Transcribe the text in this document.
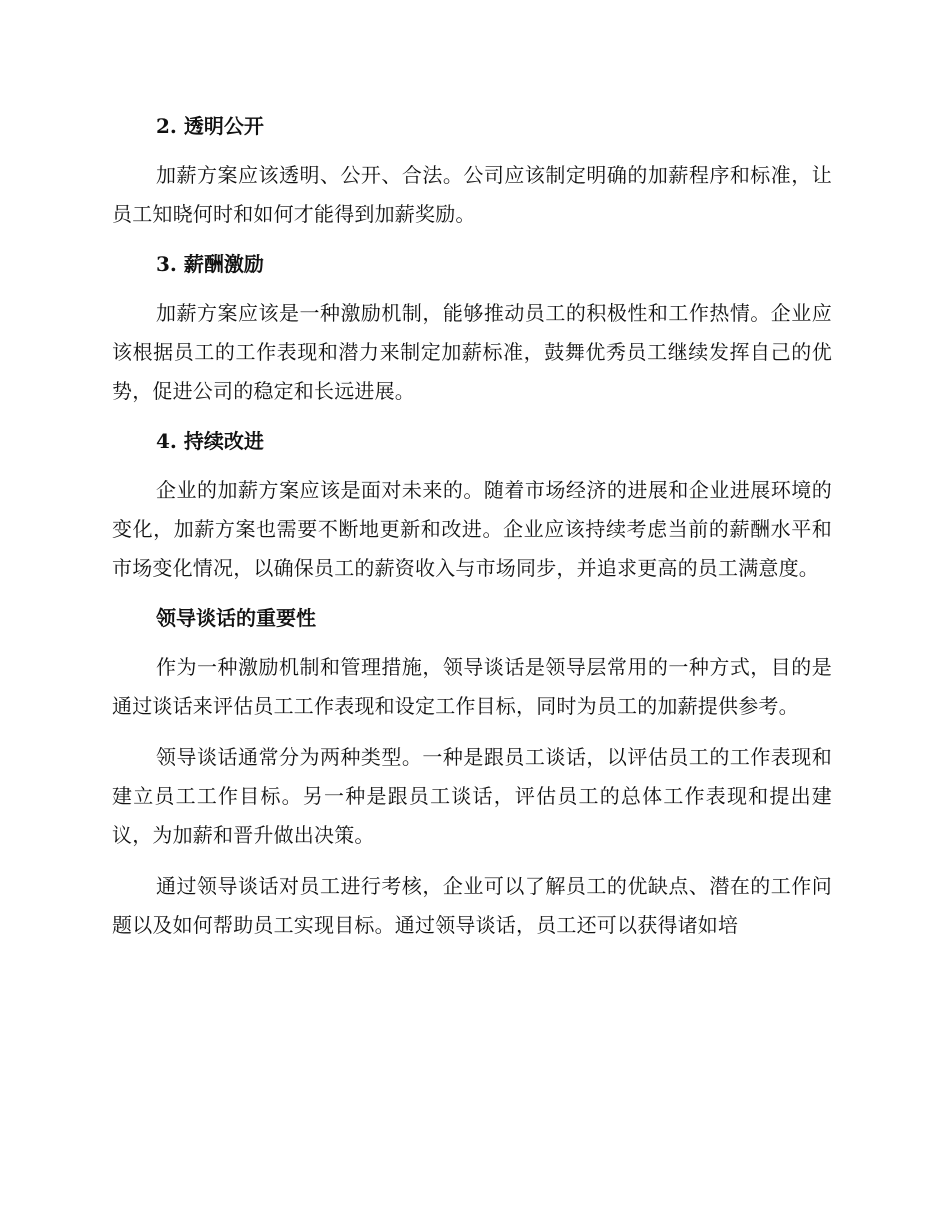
2. 透明公开

加薪方案应该透明、公开、合法。公司应该制定明确的加薪程序和标准，让员工知晓何时和如何才能得到加薪奖励。

3. 薪酬激励

加薪方案应该是一种激励机制，能够推动员工的积极性和工作热情。企业应该根据员工的工作表现和潜力来制定加薪标准，鼓舞优秀员工继续发挥自己的优势，促进公司的稳定和长远进展。

4. 持续改进

企业的加薪方案应该是面对未来的。随着市场经济的进展和企业进展环境的变化，加薪方案也需要不断地更新和改进。企业应该持续考虑当前的薪酬水平和市场变化情况，以确保员工的薪资收入与市场同步，并追求更高的员工满意度。

领导谈话的重要性

作为一种激励机制和管理措施，领导谈话是领导层常用的一种方式，目的是通过谈话来评估员工工作表现和设定工作目标，同时为员工的加薪提供参考。

领导谈话通常分为两种类型。一种是跟员工谈话，以评估员工的工作表现和建立员工工作目标。另一种是跟员工谈话，评估员工的总体工作表现和提出建议，为加薪和晋升做出决策。

通过领导谈话对员工进行考核，企业可以了解员工的优缺点、潜在的工作问题以及如何帮助员工实现目标。通过领导谈话，员工还可以获得诸如培
